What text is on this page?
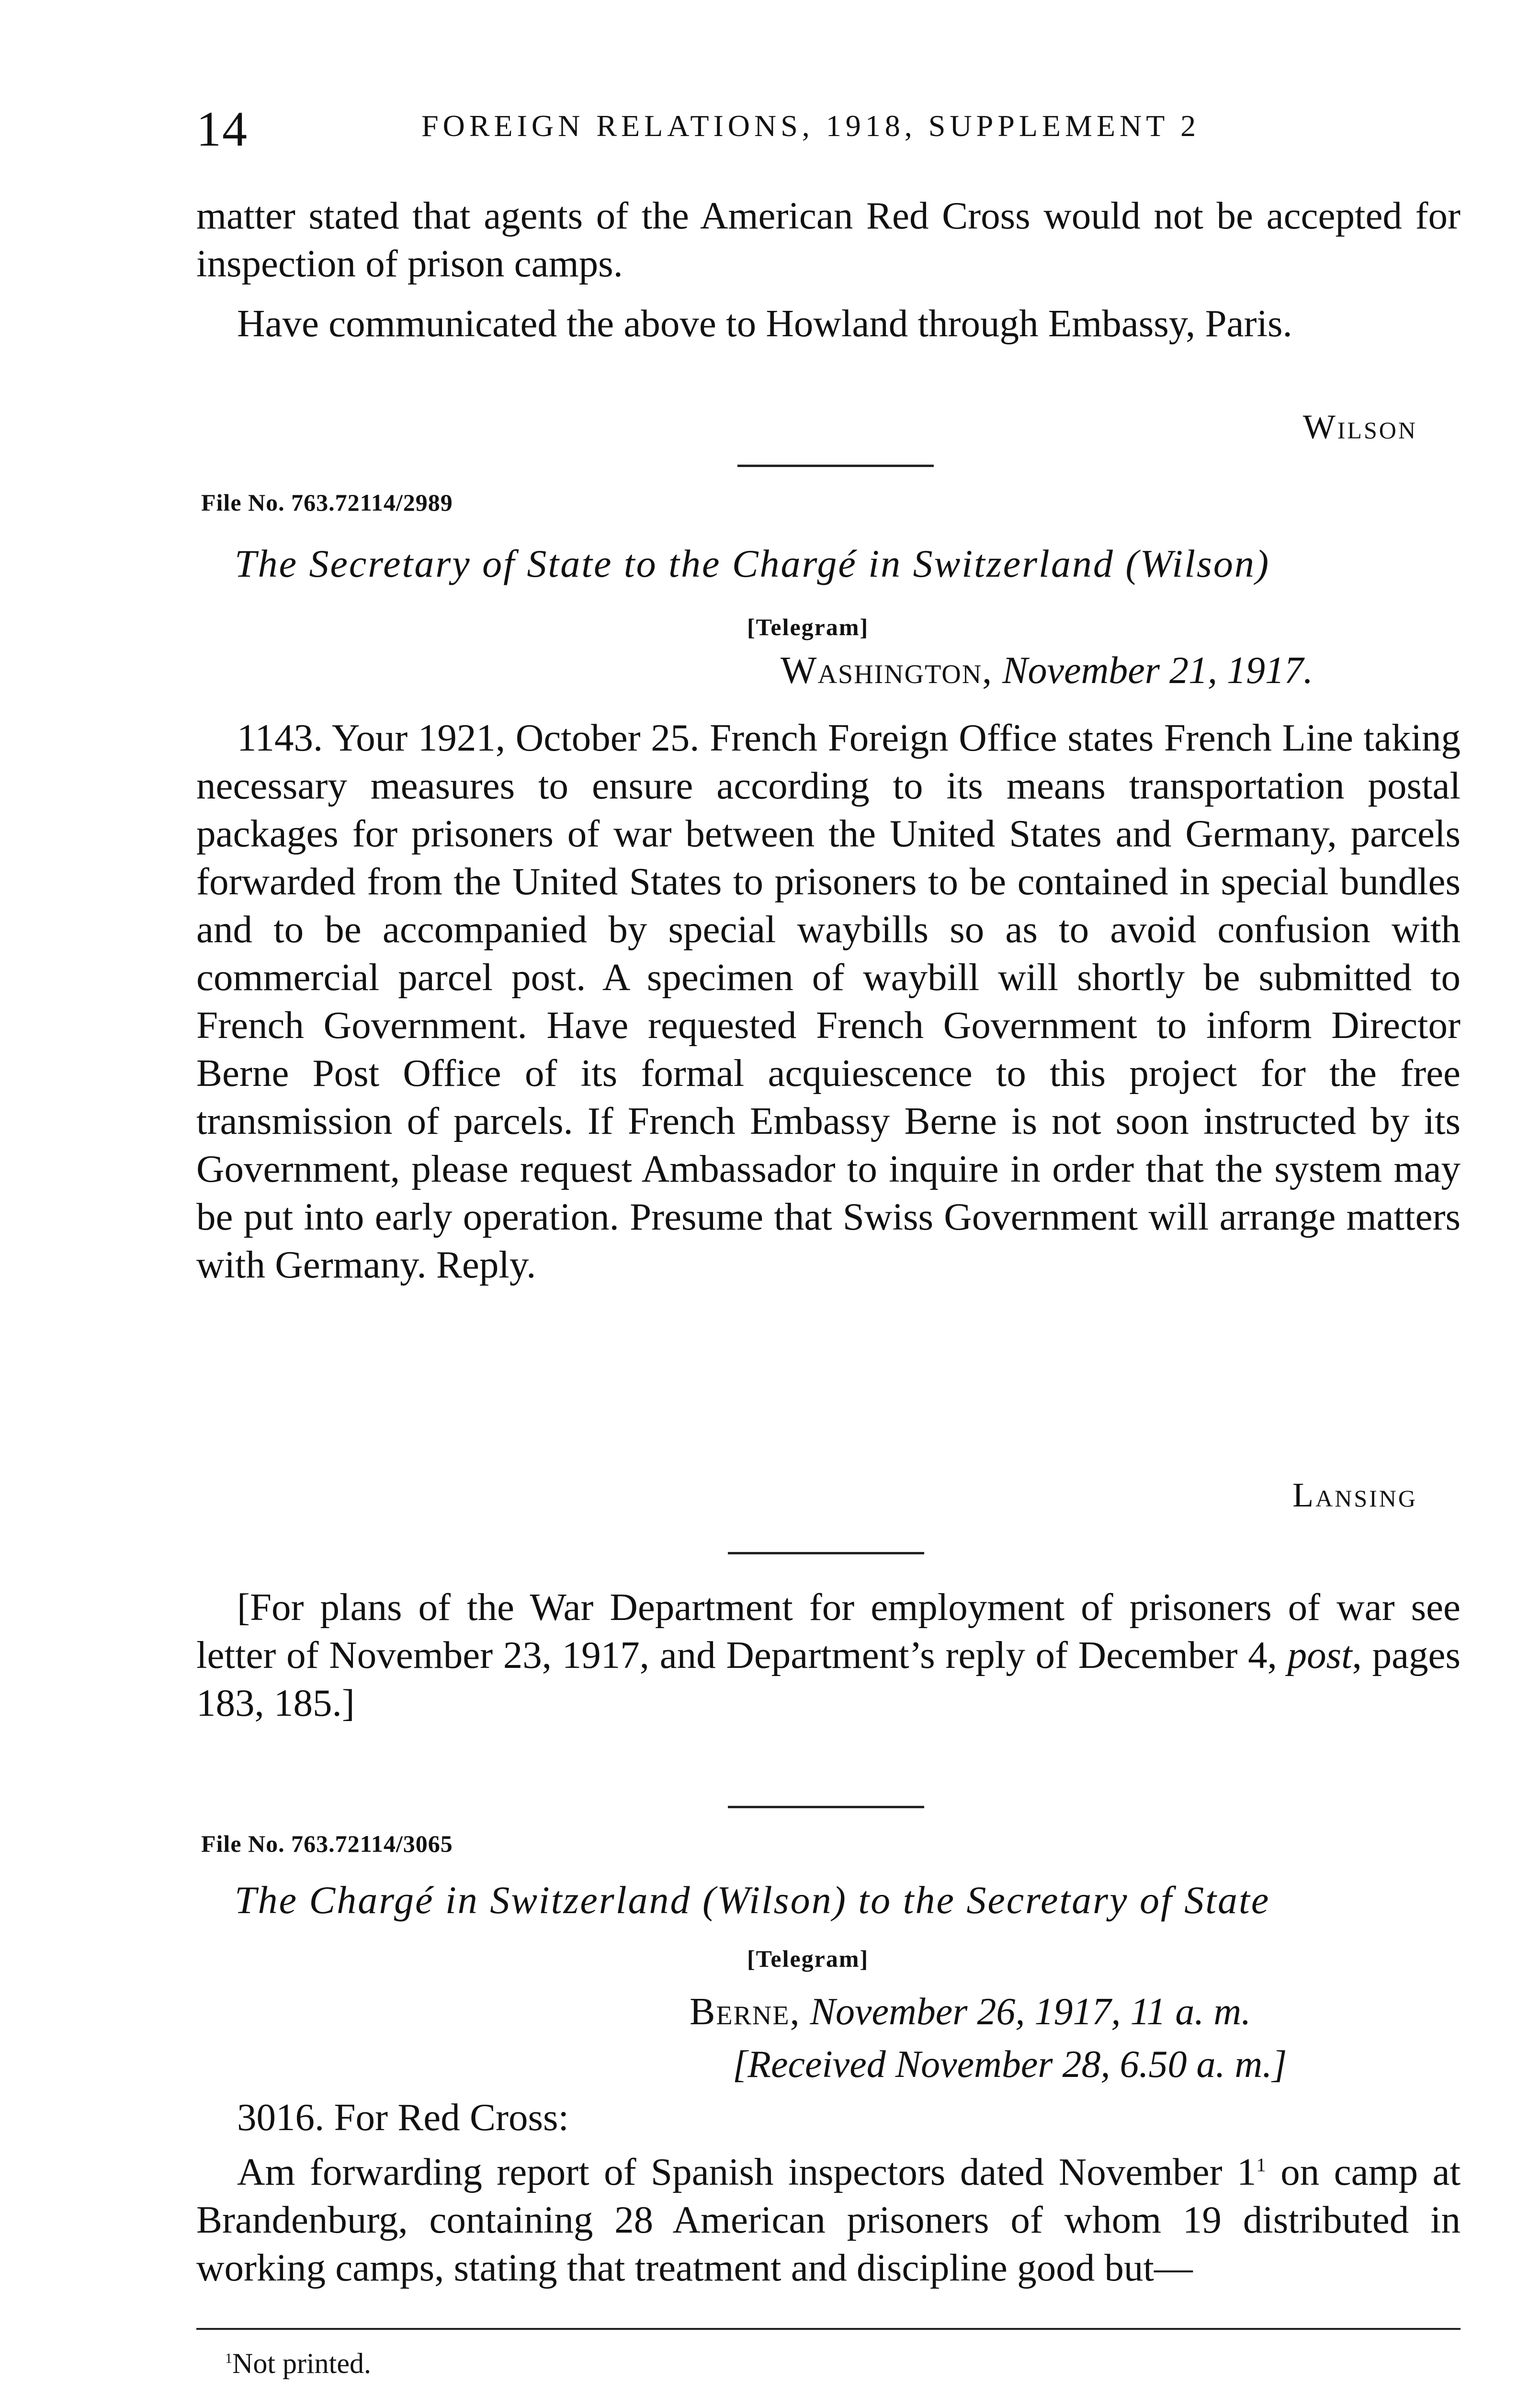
14	FOREIGN RELATIONS, 1918, SUPPLEMENT 2

matter stated that agents of the American Red Cross would not be accepted for inspection of prison camps.

Have communicated the above to Howland through Embassy, Paris.

Wilson
File No. 763.72114/2989
The Secretary of State to the Chargé in Switzerland (Wilson)
[Telegram]
Washington, November 21, 1917.

1143. Your 1921, October 25. French Foreign Office states French Line taking necessary measures to ensure according to its means transportation postal packages for prisoners of war between the United States and Germany, parcels forwarded from the United States to prisoners to be contained in special bundles and to be accompanied by special waybills so as to avoid confusion with commercial parcel post. A specimen of waybill will shortly be submitted to French Government. Have requested French Government to inform Director Berne Post Office of its formal acquiescence to this project for the free transmission of parcels. If French Embassy Berne is not soon instructed by its Government, please request Ambassador to inquire in order that the system may be put into early operation. Presume that Swiss Government will arrange matters with Germany. Reply.

Lansing

[For plans of the War Department for employment of prisoners of war see letter of November 23, 1917, and Department’s reply of December 4, post, pages 183, 185.]

File No. 763.72114/3065
The Chargé in Switzerland (Wilson) to the Secretary of State
[Telegram]
Berne, November 26, 1917, 11 a. m.
[Received November 28, 6.50 a. m.]

3016. For Red Cross:

Am forwarding report of Spanish inspectors dated November $1^1$ on camp at Brandenburg, containing 28 American prisoners of whom 19 distributed in working camps, stating that treatment and discipline good but—

$^1$Not printed.
